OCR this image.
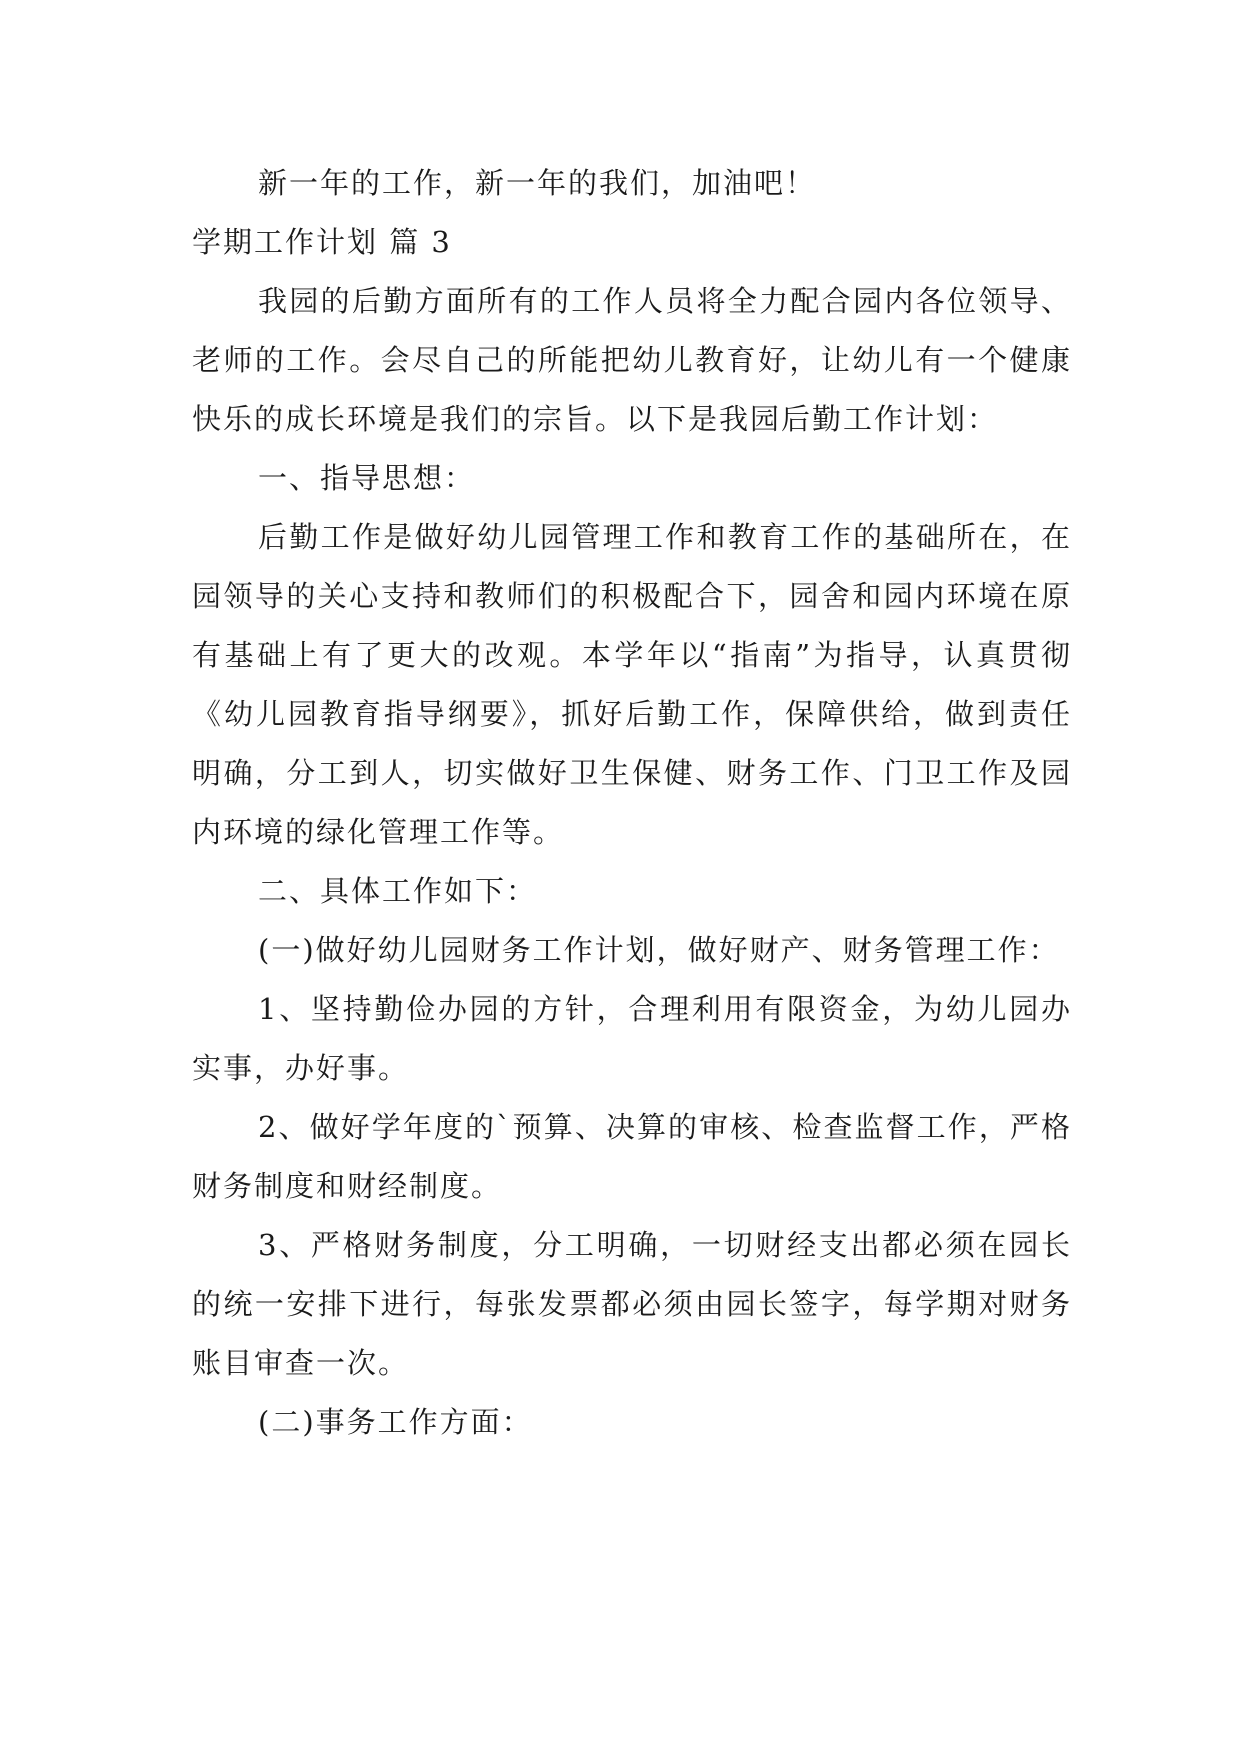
新一年的工作，新一年的我们，加油吧！

学期工作计划 篇 3

我园的后勤方面所有的工作人员将全力配合园内各位领导、老师的工作。会尽自己的所能把幼儿教育好，让幼儿有一个健康快乐的成长环境是我们的宗旨。以下是我园后勤工作计划：

一、指导思想：

后勤工作是做好幼儿园管理工作和教育工作的基础所在，在园领导的关心支持和教师们的积极配合下，园舍和园内环境在原有基础上有了更大的改观。本学年以“指南”为指导，认真贯彻《幼儿园教育指导纲要》，抓好后勤工作，保障供给，做到责任明确，分工到人，切实做好卫生保健、财务工作、门卫工作及园内环境的绿化管理工作等。

二、具体工作如下：

(一)做好幼儿园财务工作计划，做好财产、财务管理工作：

1、坚持勤俭办园的方针，合理利用有限资金，为幼儿园办实事，办好事。

2、做好学年度的`预算、决算的审核、检查监督工作，严格财务制度和财经制度。

3、严格财务制度，分工明确，一切财经支出都必须在园长的统一安排下进行，每张发票都必须由园长签字，每学期对财务账目审查一次。

(二)事务工作方面：
